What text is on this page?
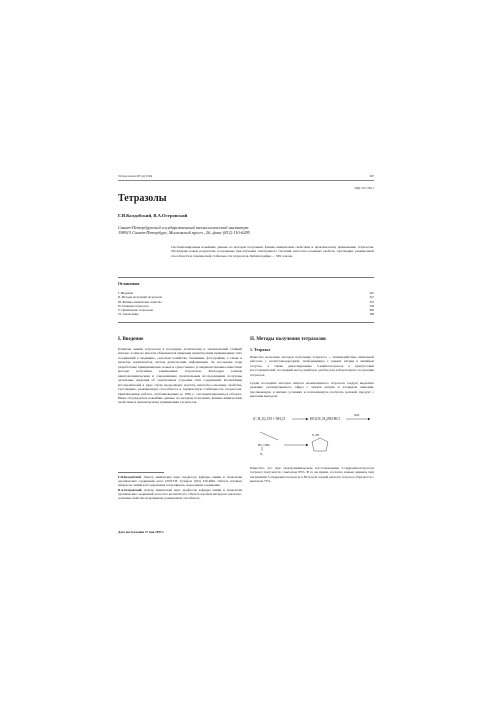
Успехи химии 63 (4) 1994	347
УДК 547.796.1
Тетразолы
Г.И.Колдобский, В.А.Островский
Санкт-Петербургский государственный технологический институт
198013 Санкт-Петербург, Московский просп., 26, факс (812) 110-6285
Систематизированы новейшие данные по методам получения, физико-химическим свойствам и практическому применению тетразолов. Обсуждены новые результаты, полученные при изучении электронного строения, кислотно-основных свойств, таутомерии, реакционной способности и термической стабильности тетразолов. Библиография — 369 ссылок.
Оглавление
I. Введение	347
II. Методы получения тетразолов	347
III. Физико-химические свойства	352
IV. Реакции тетразолов	358
V. Применение тетразолов	366
VI. Заключение	368
I. Введение
Развитие химии тетразолов в последние десятилетия и значительный стойкий интерес к ним во многом объясняются широким практическим применением этих соединений в медицине, сельском хозяйстве, биохимии, фотографии, а также в качестве компонентов систем регистрации информации. За последние годы разработаны принципиально новые и существенно усовершенствованы известные методы получения замещенных тетразолов. Благодаря точным квантовохимическим и современным спектральным исследованиям получены детальные сведения об электронном строении этих соединений. Коллективы исследователей в ряде стран продолжают изучать кислотно-основные свойства, таутомерию, реакционную способность и термическую стабильность тетразолов. Оригинальные работы, опубликованные до 1981 г., систематизированы в обзорах. Ниже обсуждаются новейшие данные по методам получения, физико-химическим свойствам и практическому применению тетразолов.
Г.И.Колдобский. Доктор химических наук, профессор кафедры химии и технологии органических соединений азота СПбГТИ. Телефон: (812) 259-4840. Область научных интересов: химия азотсодержащих гетероциклов, энергоемкие соединения.
В.А.Островский. Доктор химических наук, профессор кафедры химии и технологии органических соединений азота того же института. Область научных интересов: кислотно-основные свойства гетероциклов, реакционная способность.
Дата поступления 27 мая 1993 г.
II. Методы получения тетразолов
1. Тетразол
Известно несколько методов получения тетразола — взаимодействие синильной кислоты с азотистоводородной, тиоформамида с азидом натрия в кипящем толуоле, а также диазотирование 5-аминотетразола в присутствии восстановителей; последний метод наиболее удобен для лабораторного получения тетразола.
Среди последних методов синтеза незамещенного тетразола следует выделить реакцию ортомуравьиного эфира с азидом натрия и хлоридом аммония, протекающую в мягких условиях и позволяющую получать целевой продукт с высоким выходом.
(C₂H₅O)₃CH + NH₄Cl	HC(OC₂H₅)NH·HCl
NaN₃
HC=NH
N₃
N–NH
Известно, что при электрохимическом восстановлении 5-гидразинотетразола тетразол получается с выходом 83%. В то же время, согласно новым данным, при нагревании 5-гидразинотетразола в 85%-ной серной кислоте тетразол образуется с выходом 73%.
